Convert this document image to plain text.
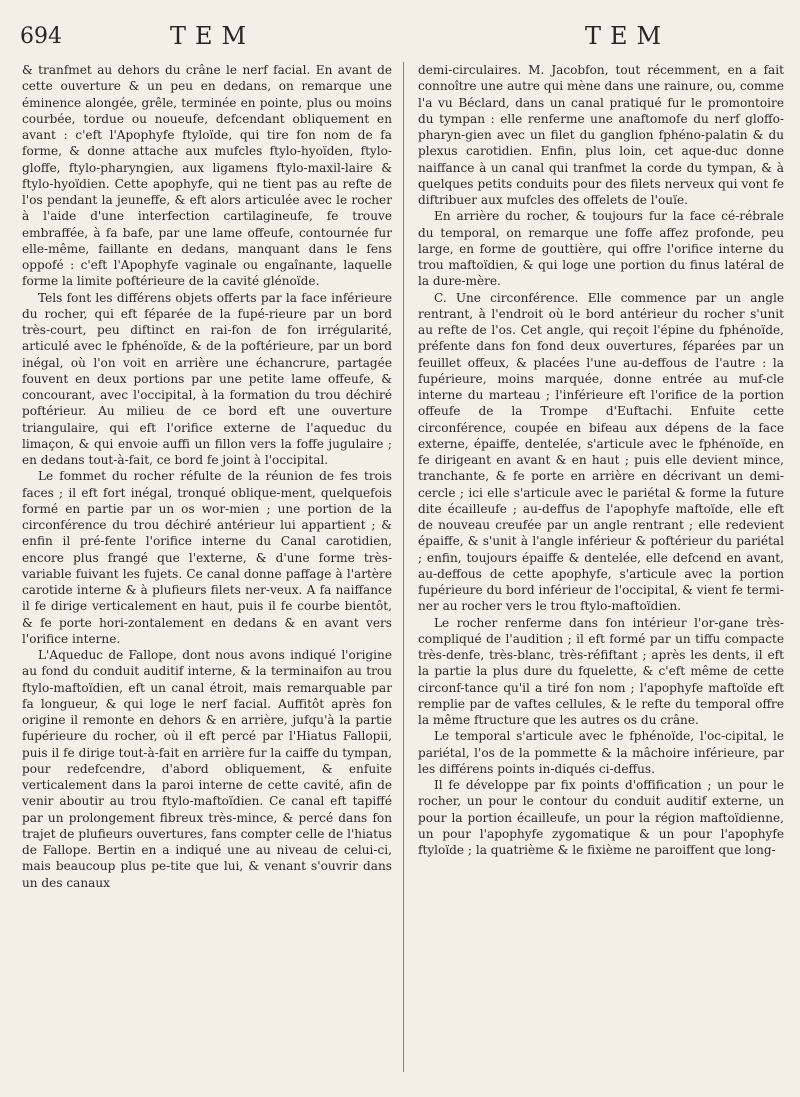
694	TEM	TEM

& tranfmet au dehors du crâne le nerf facial. En avant de cette ouverture & un peu en dedans, on remarque une éminence alongée, grêle, terminée en pointe, plus ou moins courbée, tordue ou noueufe, defcendant obliquement en avant : c'eft l'Apophyfe ftyloïde, qui tire fon nom de fa forme, & donne attache aux mufcles ftylo-hyoïden, ftylo-gloffe, ftylo-pharyngien, aux ligamens ftylo-maxil-laire & ftylo-hyoïdien. Cette apophyfe, qui ne tient pas au refte de l'os pendant la jeuneffe, & eft alors articulée avec le rocher à l'aide d'une interfection cartilagineufe, fe trouve embraffée, à fa bafe, par une lame offeufe, contournée fur elle-même, faillante en dedans, manquant dans le fens oppofé : c'eft l'Apophyfe vaginale ou engaînante, laquelle forme la limite poftérieure de la cavité glénoïde.

Tels font les différens objets offerts par la face inférieure du rocher, qui eft féparée de la fupé-rieure par un bord très-court, peu diftinct en rai-fon de fon irrégularité, articulé avec le fphénoïde, & de la poftérieure, par un bord inégal, où l'on voit en arrière une échancrure, partagée fouvent en deux portions par une petite lame offeufe, & concourant, avec l'occipital, à la formation du trou déchiré poftérieur. Au milieu de ce bord eft une ouverture triangulaire, qui eft l'orifice externe de l'aqueduc du limaçon, & qui envoie auffi un fillon vers la foffe jugulaire ; en dedans tout-à-fait, ce bord fe joint à l'occipital.

Le fommet du rocher réfulte de la réunion de fes trois faces ; il eft fort inégal, tronqué oblique-ment, quelquefois formé en partie par un os wor-mien ; une portion de la circonférence du trou déchiré antérieur lui appartient ; & enfin il pré-fente l'orifice interne du Canal carotidien, encore plus frangé que l'externe, & d'une forme très-variable fuivant les fujets. Ce canal donne paffage à l'artère carotide interne & à plufieurs filets ner-veux. A fa naiffance il fe dirige verticalement en haut, puis il fe courbe bientôt, & fe porte hori-zontalement en dedans & en avant vers l'orifice interne.

L'Aqueduc de Fallope, dont nous avons indiqué l'origine au fond du conduit auditif interne, & la terminaifon au trou ftylo-maftoïdien, eft un canal étroit, mais remarquable par fa longueur, & qui loge le nerf facial. Auffitôt après fon origine il remonte en dehors & en arrière, jufqu'à la partie fupérieure du rocher, où il eft percé par l'Hiatus Fallopii, puis il fe dirige tout-à-fait en arrière fur la caiffe du tympan, pour redefcendre, d'abord obliquement, & enfuite verticalement dans la paroi interne de cette cavité, afin de venir aboutir au trou ftylo-maftoïdien. Ce canal eft tapiffé par un prolongement fibreux très-mince, & percé dans fon trajet de plufieurs ouvertures, fans compter celle de l'hiatus de Fallope. Bertin en a indiqué une au niveau de celui-ci, mais beaucoup plus pe-tite que lui, & venant s'ouvrir dans un des canaux

demi-circulaires. M. Jacobfon, tout récemment, en a fait connoître une autre qui mène dans une rainure, ou, comme l'a vu Béclard, dans un canal pratiqué fur le promontoire du tympan : elle renferme une anaftomofe du nerf gloffo-pharyn-gien avec un filet du ganglion fphéno-palatin & du plexus carotidien. Enfin, plus loin, cet aque-duc donne naiffance à un canal qui tranfmet la corde du tympan, & à quelques petits conduits pour des filets nerveux qui vont fe diftribuer aux mufcles des offelets de l'ouïe.

En arrière du rocher, & toujours fur la face cé-rébrale du temporal, on remarque une foffe affez profonde, peu large, en forme de gouttière, qui offre l'orifice interne du trou maftoïdien, & qui loge une portion du finus latéral de la dure-mère.

C. Une circonférence. Elle commence par un angle rentrant, à l'endroit où le bord antérieur du rocher s'unit au refte de l'os. Cet angle, qui reçoit l'épine du fphénoïde, préfente dans fon fond deux ouvertures, féparées par un feuillet offeux, & placées l'une au-deffous de l'autre : la fupérieure, moins marquée, donne entrée au muf-cle interne du marteau ; l'inférieure eft l'orifice de la portion offeufe de la Trompe d'Euftachi. Enfuite cette circonférence, coupée en bifeau aux dépens de la face externe, épaiffe, dentelée, s'articule avec le fphénoïde, en fe dirigeant en avant & en haut ; puis elle devient mince, tranchante, & fe porte en arrière en décrivant un demi-cercle ; ici elle s'articule avec le pariétal & forme la future dite écailleufe ; au-deffus de l'apophyfe maftoïde, elle eft de nouveau creufée par un angle rentrant ; elle redevient épaiffe, & s'unit à l'angle inférieur & poftérieur du pariétal ; enfin, toujours épaiffe & dentelée, elle defcend en avant, au-deffous de cette apophyfe, s'articule avec la portion fupérieure du bord inférieur de l'occipital, & vient fe termi-ner au rocher vers le trou ftylo-maftoïdien.

Le rocher renferme dans fon intérieur l'or-gane très-compliqué de l'audition ; il eft formé par un tiffu compacte très-denfe, très-blanc, très-réfiftant ; après les dents, il eft la partie la plus dure du fquelette, & c'eft même de cette circonf-tance qu'il a tiré fon nom ; l'apophyfe maftoïde eft remplie par de vaftes cellules, & le refte du temporal offre la même ftructure que les autres os du crâne.

Le temporal s'articule avec le fphénoïde, l'oc-cipital, le pariétal, l'os de la pommette & la mâchoire inférieure, par les différens points in-diqués ci-deffus.

Il fe développe par fix points d'offification ; un pour le rocher, un pour le contour du conduit auditif externe, un pour la portion écailleufe, un pour la région maftoïdienne, un pour l'apophyfe zygomatique & un pour l'apophyfe ftyloïde ; la quatrième & le fixième ne paroiffent que long-
